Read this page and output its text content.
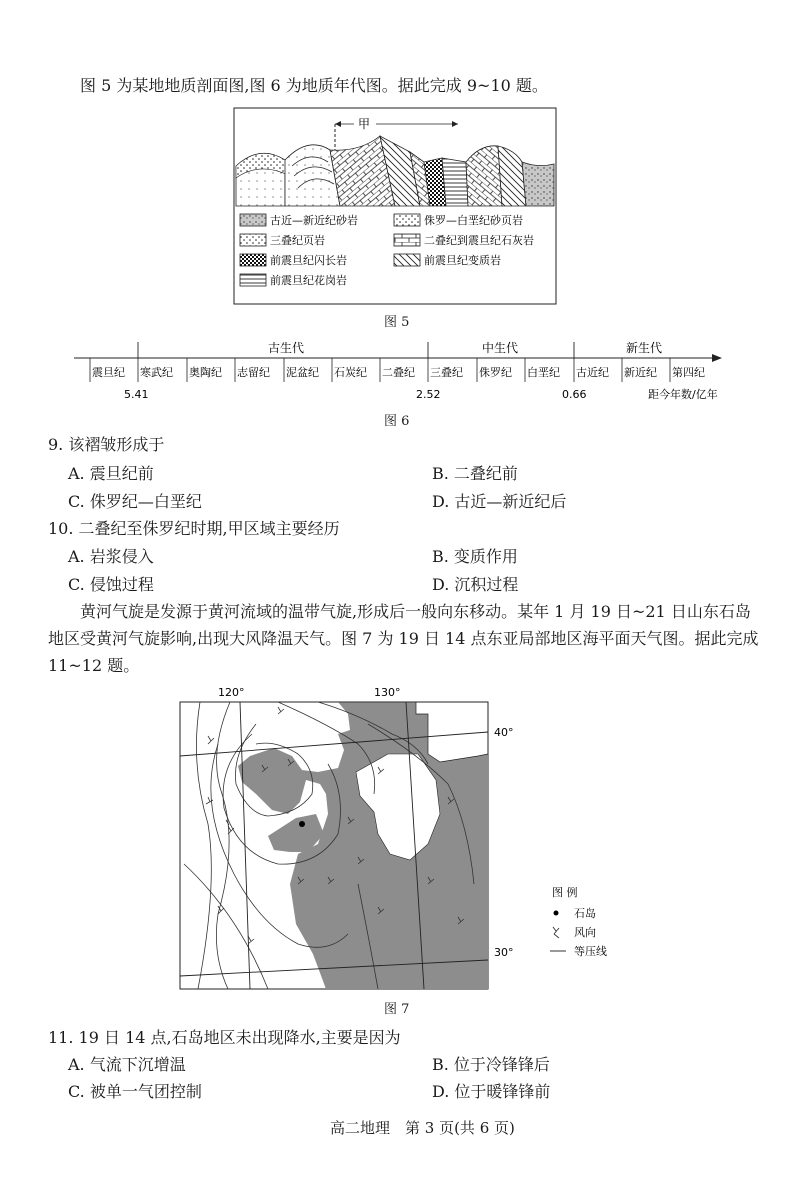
图 5 为某地地质剖面图,图 6 为地质年代图。据此完成 9~10 题。
甲
古近—新近纪砂岩	侏罗—白垩纪砂页岩
三叠纪页岩	二叠纪到震旦纪石灰岩
前震旦纪闪长岩	前震旦纪变质岩
前震旦纪花岗岩
图 5
古生代	中生代	新生代
震旦纪 寒武纪 奥陶纪 志留纪 泥盆纪 石炭纪 二叠纪 三叠纪 侏罗纪 白垩纪 古近纪 新近纪 第四纪
5.41	2.52	0.66	距今年数/亿年
图 6
9. 该褶皱形成于
A. 震旦纪前	B. 二叠纪前
C. 侏罗纪—白垩纪	D. 古近—新近纪后
10. 二叠纪至侏罗纪时期,甲区域主要经历
A. 岩浆侵入	B. 变质作用
C. 侵蚀过程	D. 沉积过程
黄河气旋是发源于黄河流域的温带气旋,形成后一般向东移动。某年 1 月 19 日~21 日山东石岛地区受黄河气旋影响,出现大风降温天气。图 7 为 19 日 14 点东亚局部地区海平面天气图。据此完成 11~12 题。
120°	130°
40°
30°
图 例
石岛
风向
等压线
图 7
11. 19 日 14 点,石岛地区未出现降水,主要是因为
A. 气流下沉增温	B. 位于冷锋锋后
C. 被单一气团控制	D. 位于暖锋锋前
高二地理　第 3 页(共 6 页)
